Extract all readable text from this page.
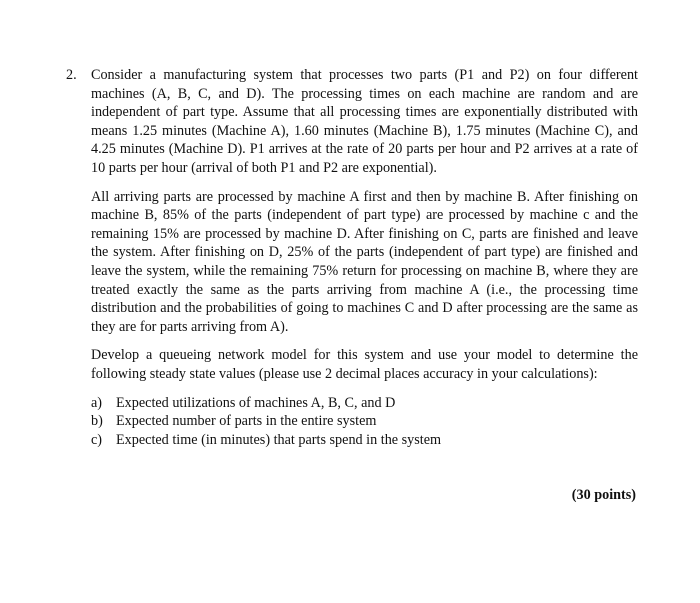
2.	Consider a manufacturing system that processes two parts (P1 and P2) on four different machines (A, B, C, and D). The processing times on each machine are random and are independent of part type. Assume that all processing times are exponentially distributed with means 1.25 minutes (Machine A), 1.60 minutes (Machine B), 1.75 minutes (Machine C), and 4.25 minutes (Machine D). P1 arrives at the rate of 20 parts per hour and P2 arrives at a rate of 10 parts per hour (arrival of both P1 and P2 are exponential).

All arriving parts are processed by machine A first and then by machine B. After finishing on machine B, 85% of the parts (independent of part type) are processed by machine c and the remaining 15% are processed by machine D. After finishing on C, parts are finished and leave the system. After finishing on D, 25% of the parts (independent of part type) are finished and leave the system, while the remaining 75% return for processing on machine B, where they are treated exactly the same as the parts arriving from machine A (i.e., the processing time distribution and the probabilities of going to machines C and D after processing are the same as they are for parts arriving from A).

Develop a queueing network model for this system and use your model to determine the following steady state values (please use 2 decimal places accuracy in your calculations):

a) Expected utilizations of machines A, B, C, and D
b) Expected number of parts in the entire system
c) Expected time (in minutes) that parts spend in the system
(30 points)
